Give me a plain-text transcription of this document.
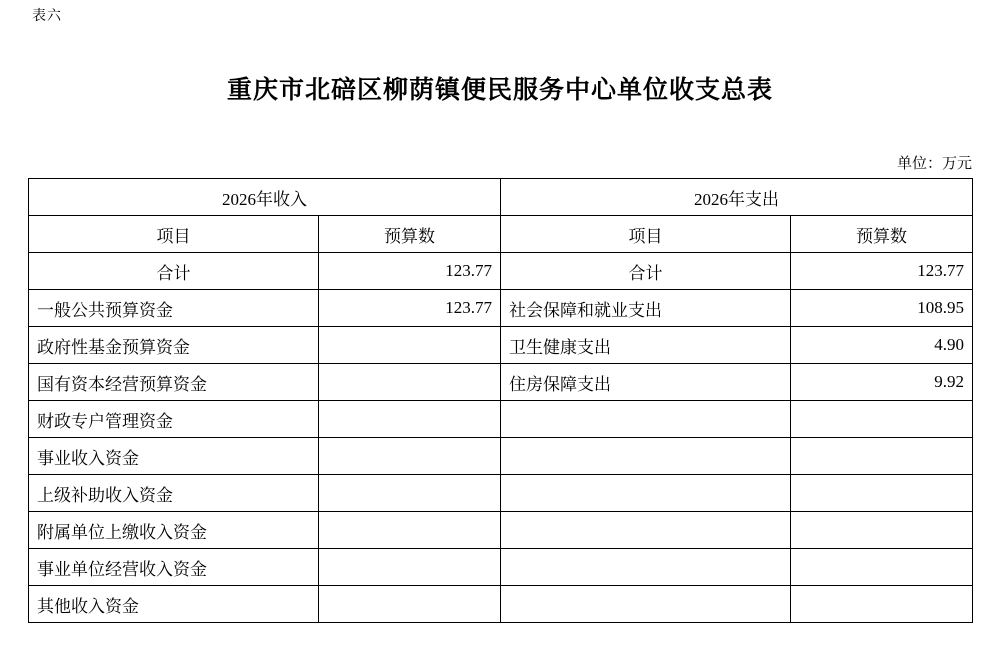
表六
重庆市北碚区柳荫镇便民服务中心单位收支总表
单位：万元
2026年收入		2026年支出	
项目	预算数	项目	预算数
合计	123.77	合计	123.77
一般公共预算资金	123.77	社会保障和就业支出	108.95
政府性基金预算资金		卫生健康支出	4.90
国有资本经营预算资金		住房保障支出	9.92
财政专户管理资金			
事业收入资金			
上级补助收入资金			
附属单位上缴收入资金			
事业单位经营收入资金			
其他收入资金			
